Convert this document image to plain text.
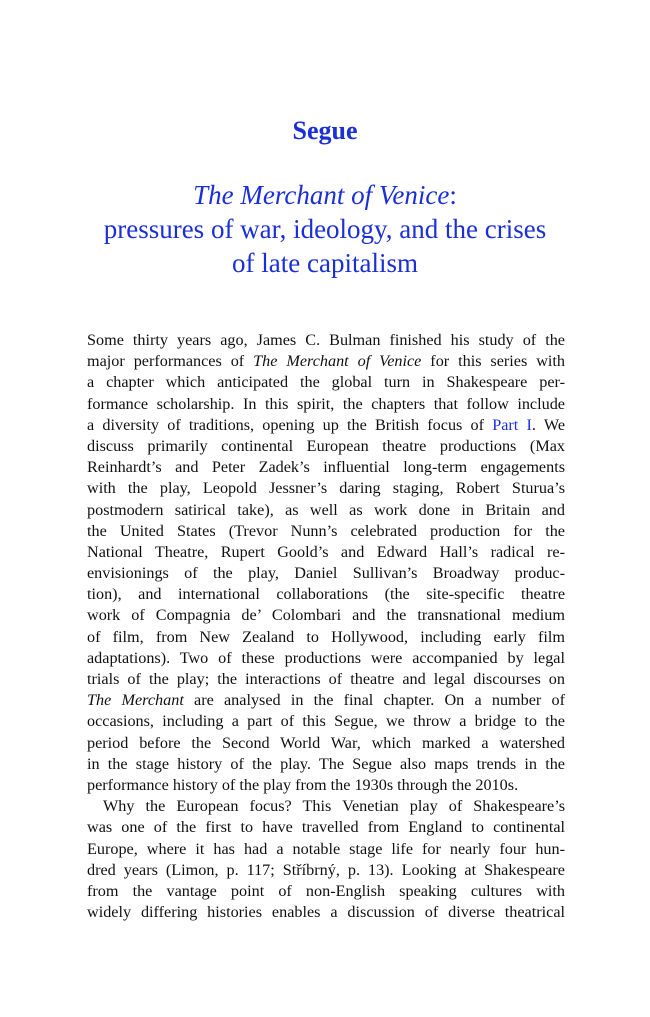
Segue
The Merchant of Venice:
pressures of war, ideology, and the crises
of late capitalism
Some thirty years ago, James C. Bulman finished his study of the
major performances of The Merchant of Venice for this series with
a chapter which anticipated the global turn in Shakespeare per-
formance scholarship. In this spirit, the chapters that follow include
a diversity of traditions, opening up the British focus of Part I. We
discuss primarily continental European theatre productions (Max
Reinhardt’s and Peter Zadek’s influential long-term engagements
with the play, Leopold Jessner’s daring staging, Robert Sturua’s
postmodern satirical take), as well as work done in Britain and
the United States (Trevor Nunn’s celebrated production for the
National Theatre, Rupert Goold’s and Edward Hall’s radical re-
envisionings of the play, Daniel Sullivan’s Broadway produc-
tion), and international collaborations (the site-specific theatre
work of Compagnia de’ Colombari and the transnational medium
of film, from New Zealand to Hollywood, including early film
adaptations). Two of these productions were accompanied by legal
trials of the play; the interactions of theatre and legal discourses on
The Merchant are analysed in the final chapter. On a number of
occasions, including a part of this Segue, we throw a bridge to the
period before the Second World War, which marked a watershed
in the stage history of the play. The Segue also maps trends in the
performance history of the play from the 1930s through the 2010s.
Why the European focus? This Venetian play of Shakespeare’s
was one of the first to have travelled from England to continental
Europe, where it has had a notable stage life for nearly four hun-
dred years (Limon, p. 117; Stříbrný, p. 13). Looking at Shakespeare
from the vantage point of non-English speaking cultures with
widely differing histories enables a discussion of diverse theatrical
